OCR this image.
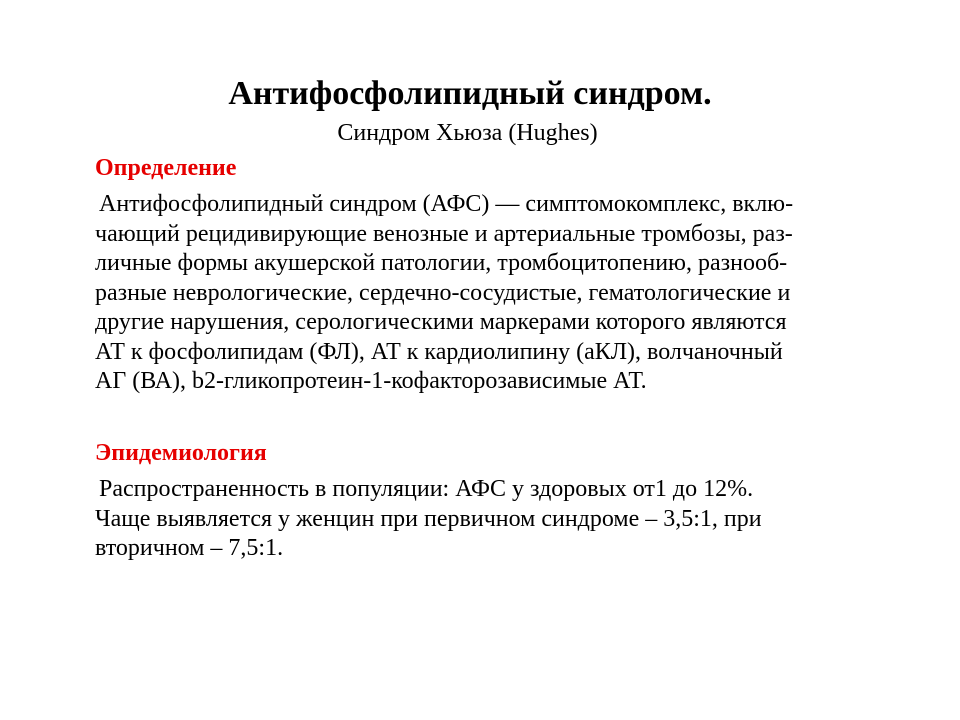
Антифосфолипидный синдром.
Синдром Хьюза (Hughes)
Определение
Антифосфолипидный синдром (АФС) — симптомокомплекс, вклю-
чающий рецидивирующие венозные и артериальные тромбозы, раз-
личные формы акушерской патологии, тромбоцитопению, разнооб-
разные неврологические, сердечно-сосудистые, гематологические и
другие нарушения, серологическими маркерами которого являются
АТ к фосфолипидам (ФЛ), АТ к кардиолипину (аКЛ), волчаночный
АГ (ВА), b2-гликопротеин-1-кофакторозависимые АТ.
Эпидемиология
Распространенность в популяции: АФС у здоровых от1 до 12%.
Чаще выявляется у женцин при первичном синдроме – 3,5:1, при
вторичном – 7,5:1.
